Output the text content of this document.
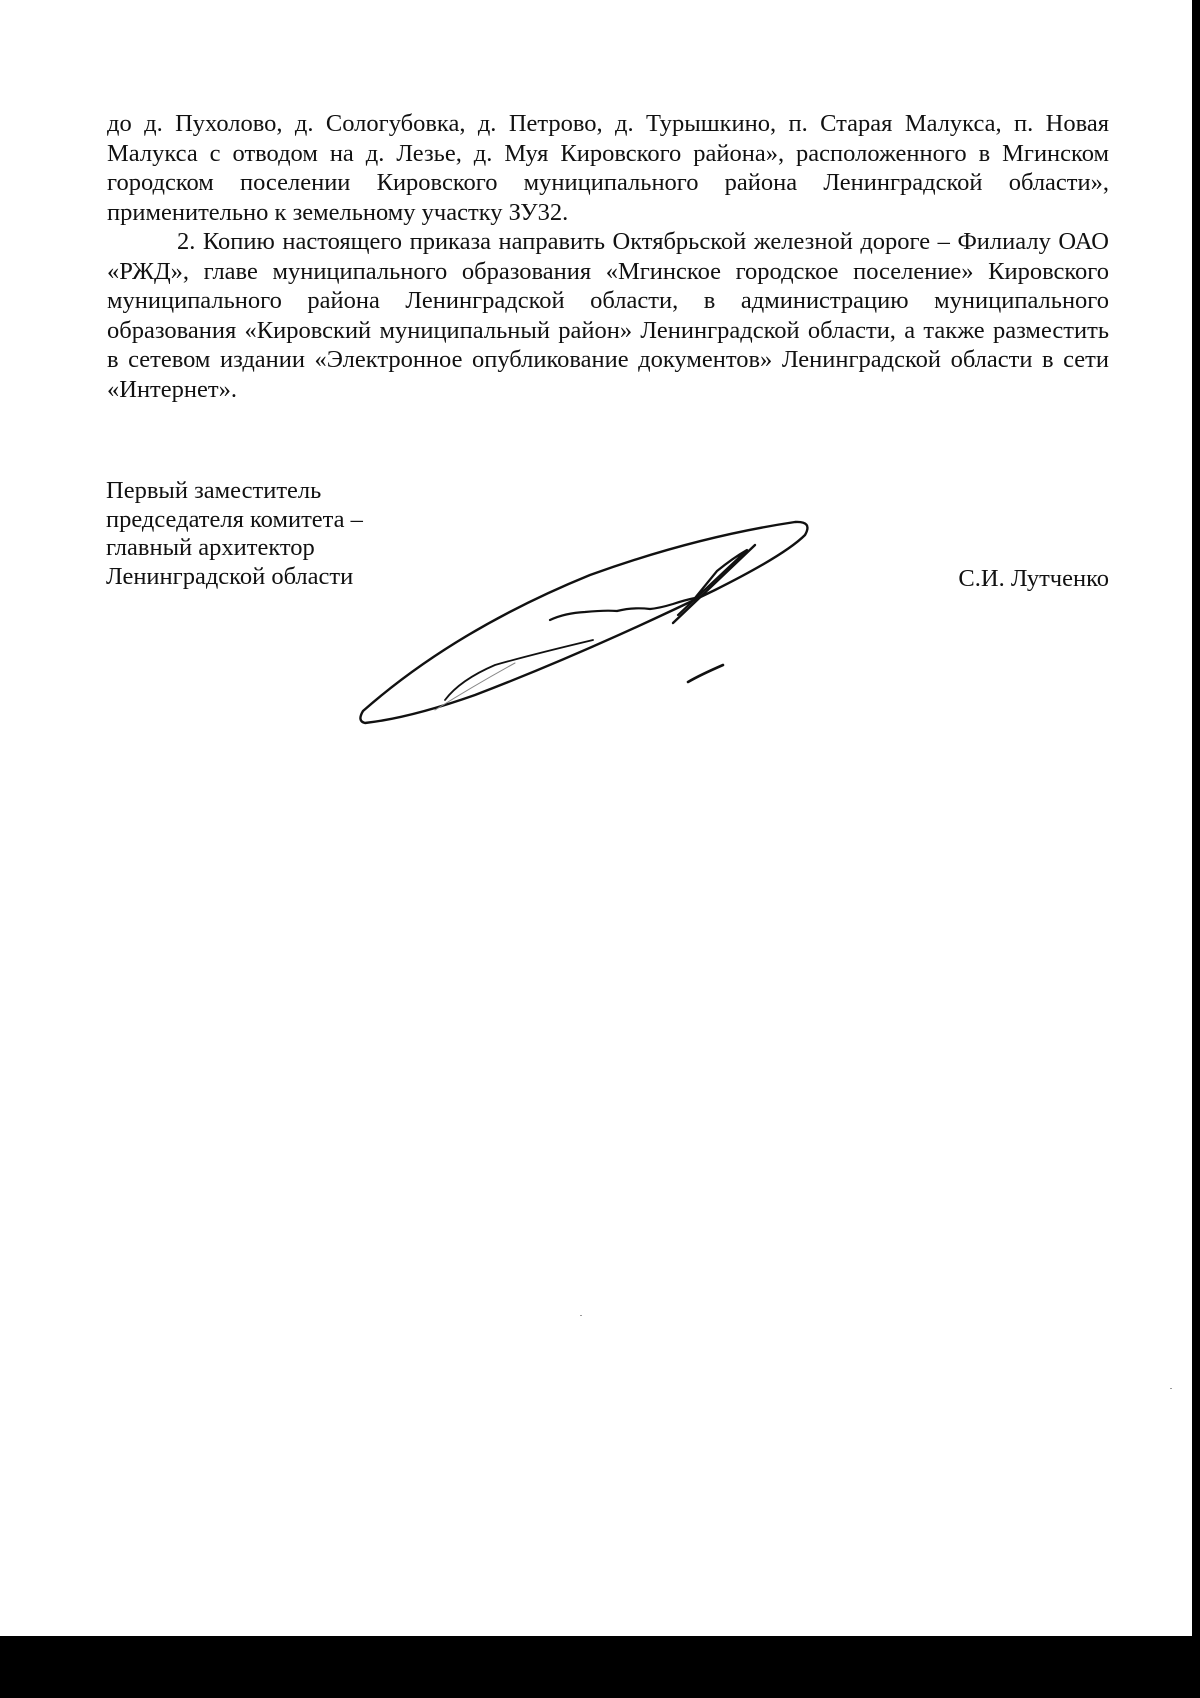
до д. Пухолово, д. Сологубовка, д. Петрово, д. Турышкино, п. Старая Малукса, п. Новая Малукса с отводом на д. Лезье, д. Муя Кировского района», расположенного в Мгинском городском поселении Кировского муниципального района Ленинградской области», применительно к земельному участку ЗУ32.

2. Копию настоящего приказа направить Октябрьской железной дороге – Филиалу ОАО «РЖД», главе муниципального образования «Мгинское городское поселение» Кировского муниципального района Ленинградской области, в администрацию муниципального образования «Кировский муниципальный район» Ленинградской области, а также разместить в сетевом издании «Электронное опубликование документов» Ленинградской области в сети «Интернет».

Первый заместитель
председателя комитета –
главный архитектор
Ленинградской области	С.И. Лутченко
